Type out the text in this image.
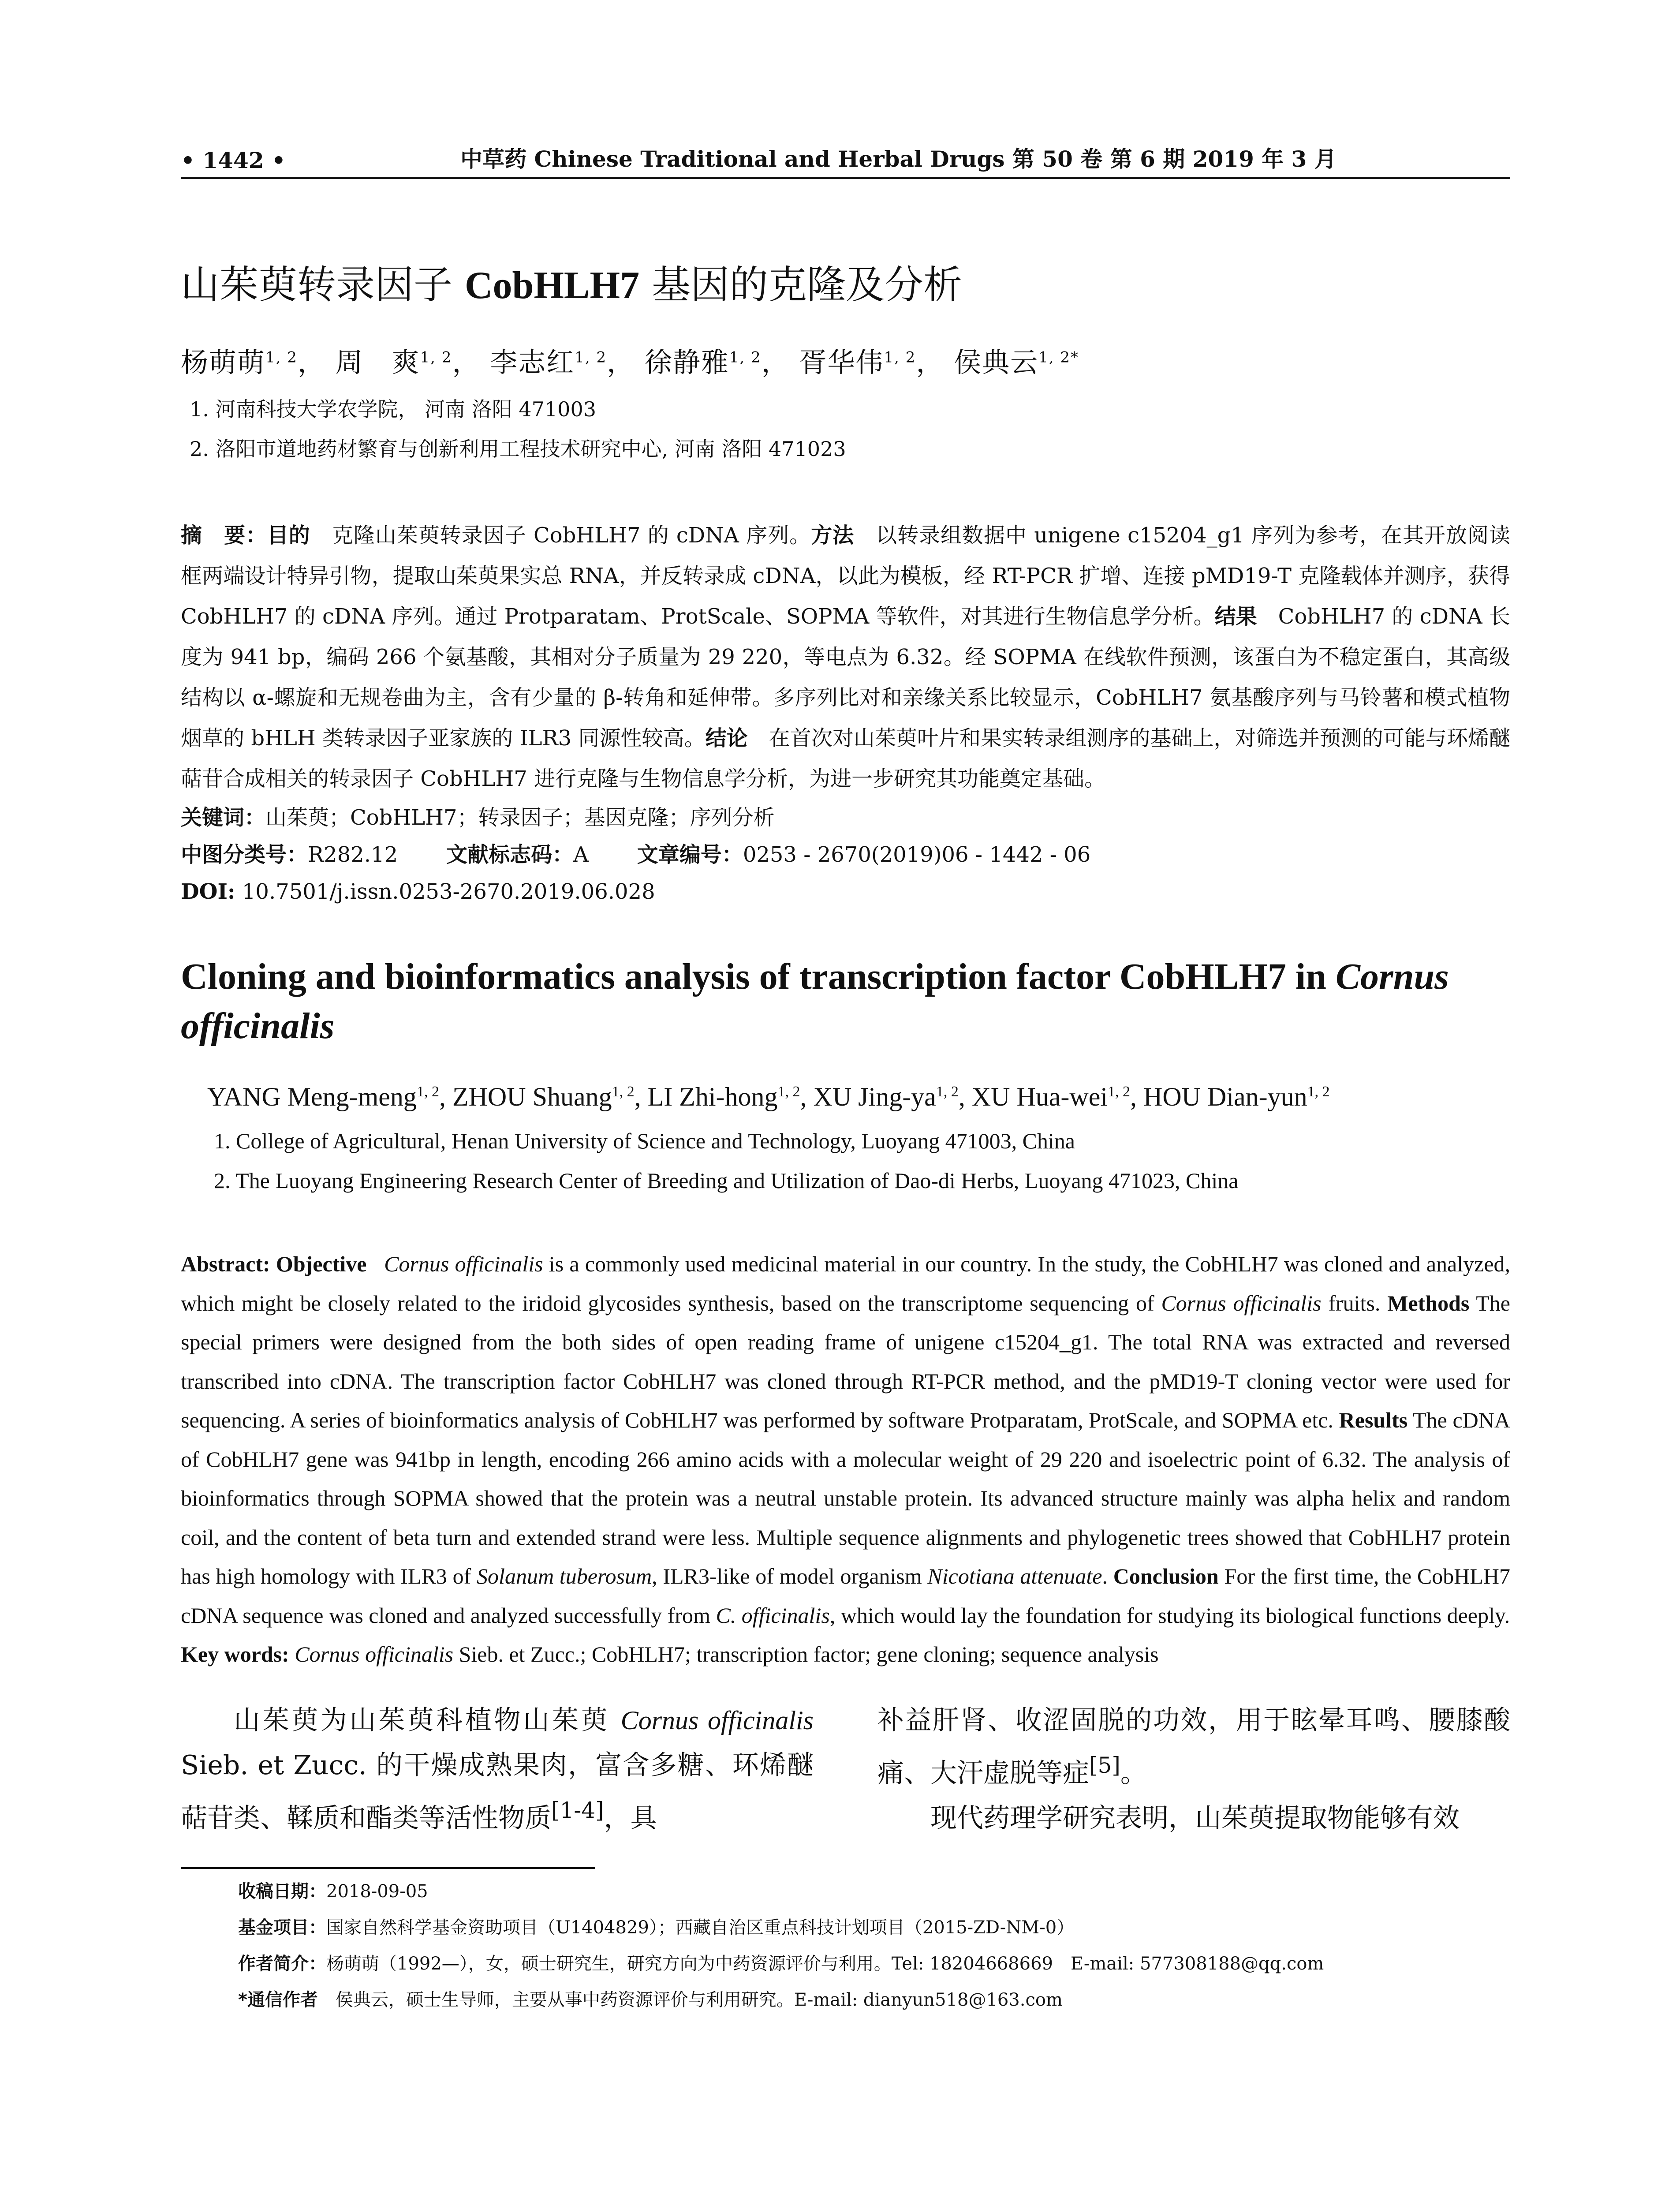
• 1442 •	中草药 Chinese Traditional and Herbal Drugs 第 50 卷 第 6 期 2019 年 3 月
山茱萸转录因子 CobHLH7 基因的克隆及分析
杨萌萌$^{1, 2}$， 周　爽$^{1, 2}$， 李志红$^{1, 2}$， 徐静雅$^{1, 2}$， 胥华伟$^{1, 2}$， 侯典云$^{1, 2*}$
1. 河南科技大学农学院， 河南 洛阳 471003
2. 洛阳市道地药材繁育与创新利用工程技术研究中心, 河南 洛阳 471023
摘　要：目的　克隆山茱萸转录因子 CobHLH7 的 cDNA 序列。方法　以转录组数据中 unigene c15204_g1 序列为参考，在其开放阅读框两端设计特异引物，提取山茱萸果实总 RNA，并反转录成 cDNA，以此为模板，经 RT-PCR 扩增、连接 pMD19-T 克隆载体并测序，获得 CobHLH7 的 cDNA 序列。通过 Protparatam、ProtScale、SOPMA 等软件，对其进行生物信息学分析。结果　CobHLH7 的 cDNA 长度为 941 bp，编码 266 个氨基酸，其相对分子质量为 29 220，等电点为 6.32。经 SOPMA 在线软件预测，该蛋白为不稳定蛋白，其高级结构以 α-螺旋和无规卷曲为主，含有少量的 β-转角和延伸带。多序列比对和亲缘关系比较显示，CobHLH7 氨基酸序列与马铃薯和模式植物烟草的 bHLH 类转录因子亚家族的 ILR3 同源性较高。结论　在首次对山茱萸叶片和果实转录组测序的基础上，对筛选并预测的可能与环烯醚萜苷合成相关的转录因子 CobHLH7 进行克隆与生物信息学分析，为进一步研究其功能奠定基础。
关键词：山茱萸；CobHLH7；转录因子；基因克隆；序列分析
中图分类号：R282.12 文献标志码：A 文章编号：0253 - 2670(2019)06 - 1442 - 06
DOI: 10.7501/j.issn.0253-2670.2019.06.028
Cloning and bioinformatics analysis of transcription factor CobHLH7 in Cornus officinalis
YANG Meng-meng$^{1, 2}$, ZHOU Shuang$^{1, 2}$, LI Zhi-hong$^{1, 2}$, XU Jing-ya$^{1, 2}$, XU Hua-wei$^{1, 2}$, HOU Dian-yun$^{1, 2}$
1. College of Agricultural, Henan University of Science and Technology, Luoyang 471003, China
2. The Luoyang Engineering Research Center of Breeding and Utilization of Dao-di Herbs, Luoyang 471023, China
Abstract: Objective Cornus officinalis is a commonly used medicinal material in our country. In the study, the CobHLH7 was cloned and analyzed, which might be closely related to the iridoid glycosides synthesis, based on the transcriptome sequencing of Cornus officinalis fruits. Methods The special primers were designed from the both sides of open reading frame of unigene c15204_g1. The total RNA was extracted and reversed transcribed into cDNA. The transcription factor CobHLH7 was cloned through RT-PCR method, and the pMD19-T cloning vector were used for sequencing. A series of bioinformatics analysis of CobHLH7 was performed by software Protparatam, ProtScale, and SOPMA etc. Results The cDNA of CobHLH7 gene was 941bp in length, encoding 266 amino acids with a molecular weight of 29 220 and isoelectric point of 6.32. The analysis of bioinformatics through SOPMA showed that the protein was a neutral unstable protein. Its advanced structure mainly was alpha helix and random coil, and the content of beta turn and extended strand were less. Multiple sequence alignments and phylogenetic trees showed that CobHLH7 protein has high homology with ILR3 of Solanum tuberosum, ILR3-like of model organism Nicotiana attenuate. Conclusion For the first time, the CobHLH7 cDNA sequence was cloned and analyzed successfully from C. officinalis, which would lay the foundation for studying its biological functions deeply.
Key words: Cornus officinalis Sieb. et Zucc.; CobHLH7; transcription factor; gene cloning; sequence analysis
山茱萸为山茱萸科植物山茱萸 Cornus officinalis Sieb. et Zucc. 的干燥成熟果肉，富含多糖、环烯醚萜苷类、鞣质和酯类等活性物质[1-4]，具
补益肝肾、收涩固脱的功效，用于眩晕耳鸣、腰膝酸痛、大汗虚脱等症[5]。
现代药理学研究表明，山茱萸提取物能够有效
收稿日期：2018-09-05
基金项目：国家自然科学基金资助项目（U1404829）；西藏自治区重点科技计划项目（2015-ZD-NM-0）
作者简介：杨萌萌（1992—），女，硕士研究生，研究方向为中药资源评价与利用。Tel: 18204668669　E-mail: 577308188@qq.com
*通信作者　侯典云，硕士生导师，主要从事中药资源评价与利用研究。E-mail: dianyun518@163.com
